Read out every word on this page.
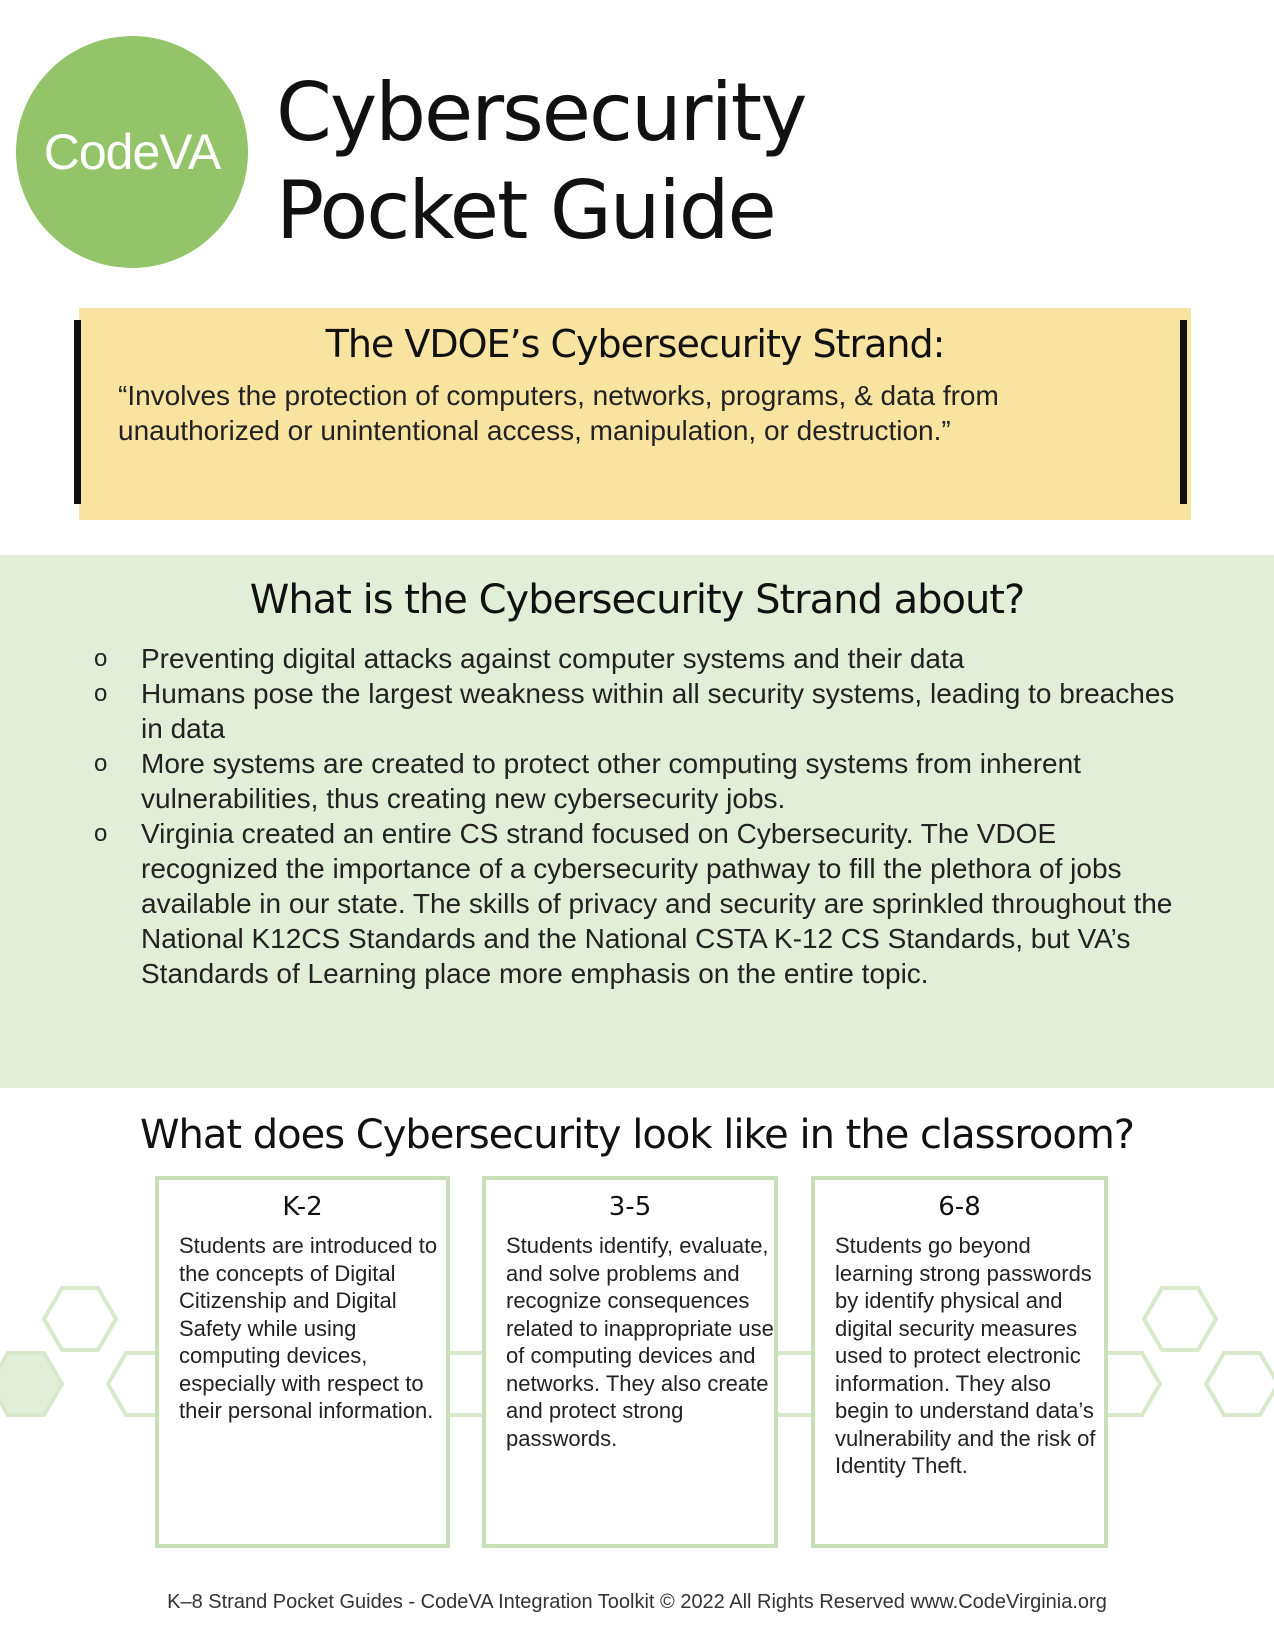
CodeVA Cybersecurity
Pocket Guide
The VDOE’s Cybersecurity Strand:

“Involves the protection of computers, networks, programs, & data from unauthorized or unintentional access, manipulation, or destruction.”

What is the Cybersecurity Strand about?
o Preventing digital attacks against computer systems and their data
o Humans pose the largest weakness within all security systems, leading to breaches in data
o More systems are created to protect other computing systems from inherent vulnerabilities, thus creating new cybersecurity jobs.
o Virginia created an entire CS strand focused on Cybersecurity. The VDOE recognized the importance of a cybersecurity pathway to fill the plethora of jobs available in our state. The skills of privacy and security are sprinkled throughout the National K12CS Standards and the National CSTA K-12 CS Standards, but VA’s Standards of Learning place more emphasis on the entire topic.
What does Cybersecurity look like in the classroom?
K-2
Students are introduced to the concepts of Digital Citizenship and Digital Safety while using computing devices, especially with respect to their personal information.
3-5
Students identify, evaluate, and solve problems and recognize consequences related to inappropriate use of computing devices and networks. They also create and protect strong passwords.
6-8
Students go beyond learning strong passwords by identify physical and digital security measures used to protect electronic information. They also begin to understand data’s vulnerability and the risk of Identity Theft.
K–8 Strand Pocket Guides - CodeVA Integration Toolkit © 2022 All Rights Reserved www.CodeVirginia.org
